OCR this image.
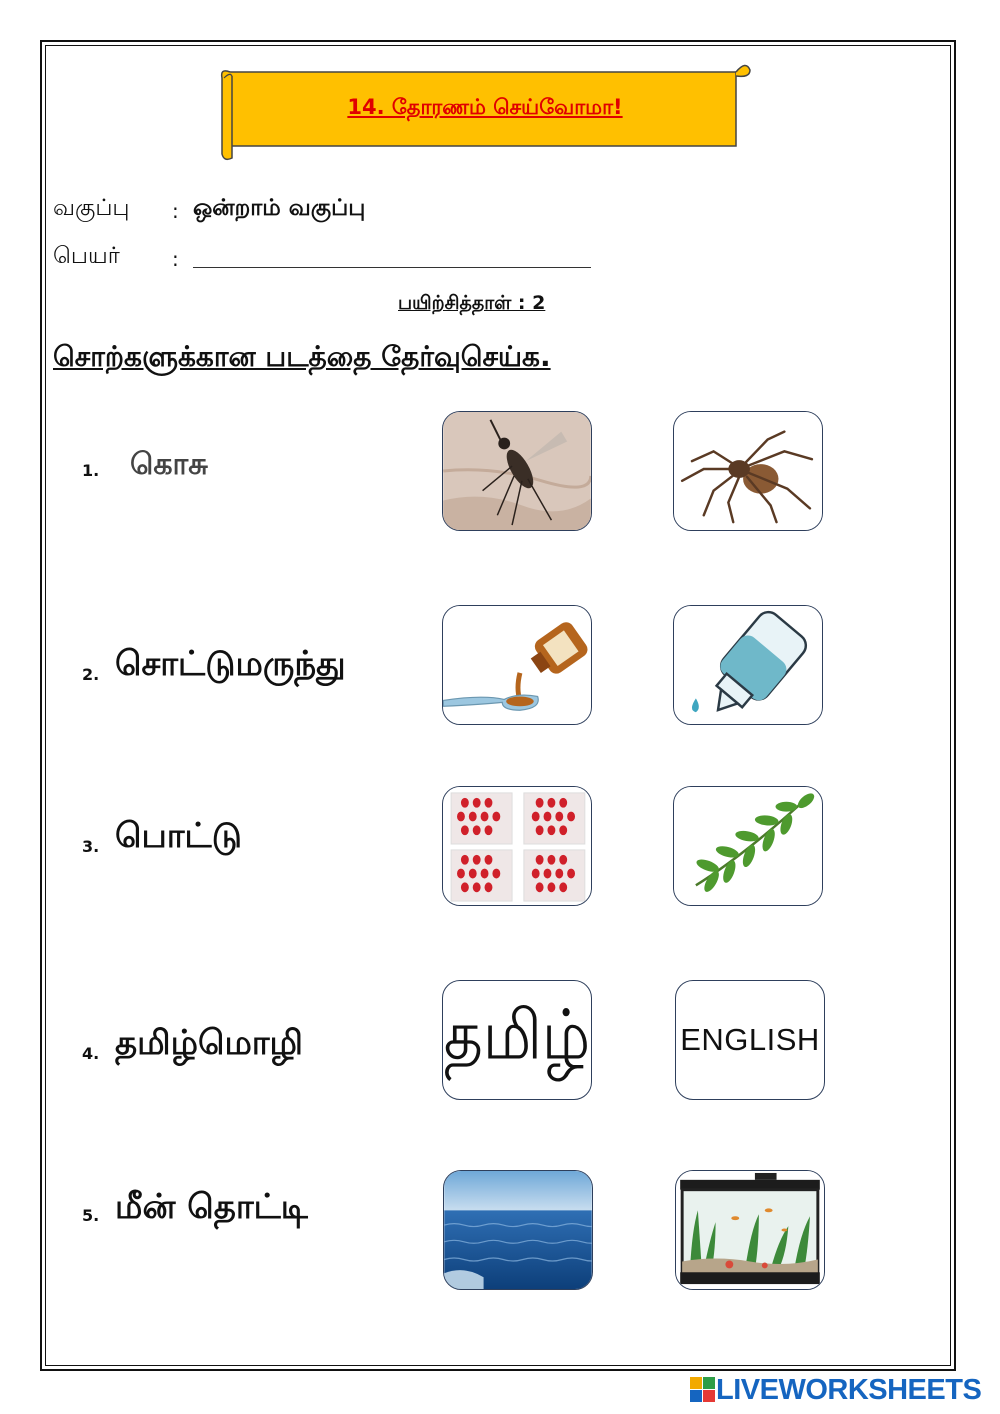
14. தோரணம் செய்வோமா!
வகுப்பு : ஒன்றாம் வகுப்பு
பெயர்	:
பயிற்சித்தாள் : 2
சொற்களுக்கான படத்தை தேர்வுசெய்க.
1. கொசு
2. சொட்டுமருந்து
3. பொட்டு
4. தமிழ்மொழி தமிழ்	ENGLISH
5. மீன் தொட்டி
LIVEWORKSHEETS
